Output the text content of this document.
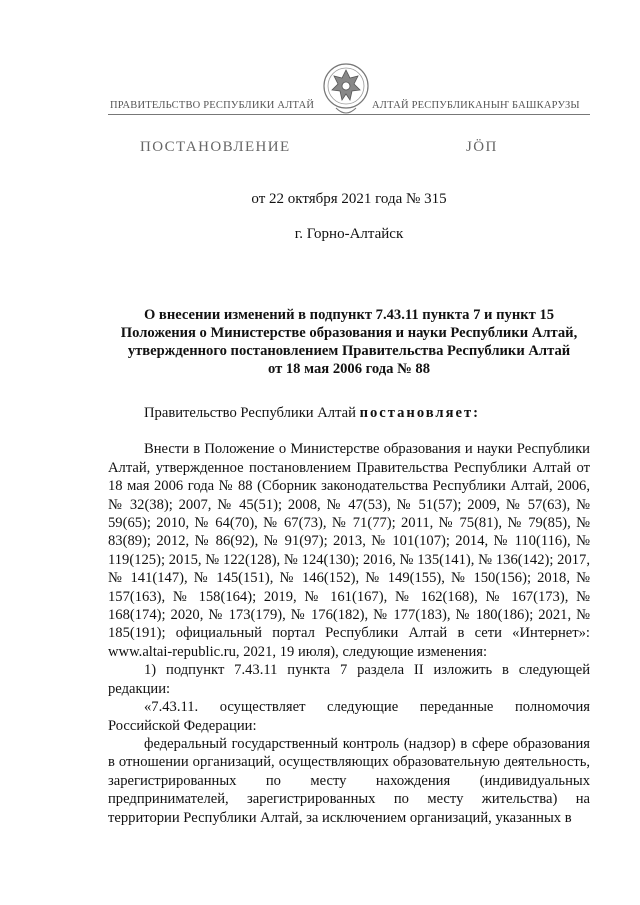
ПРАВИТЕЛЬСТВО РЕСПУБЛИКИ АЛТАЙ	АЛТАЙ РЕСПУБЛИКАНЫҤ БАШКАРУЗЫ
ПОСТАНОВЛЕНИЕ	ЈӦП
от 22 октября 2021 года № 315
г. Горно-Алтайск
О внесении изменений в подпункт 7.43.11 пункта 7 и пункт 15
Положения о Министерстве образования и науки Республики Алтай,
утвержденного постановлением Правительства Республики Алтай
от 18 мая 2006 года № 88

Правительство Республики Алтай постановляет:

Внести в Положение о Министерстве образования и науки Республики Алтай, утвержденное постановлением Правительства Республики Алтай от 18 мая 2006 года № 88 (Сборник законодательства Республики Алтай, 2006, № 32(38); 2007, № 45(51); 2008, № 47(53), № 51(57); 2009, № 57(63), № 59(65); 2010, № 64(70), № 67(73), № 71(77); 2011, № 75(81), № 79(85), № 83(89); 2012, № 86(92), № 91(97); 2013, № 101(107); 2014, № 110(116), № 119(125); 2015, № 122(128), № 124(130); 2016, № 135(141), № 136(142); 2017, № 141(147), № 145(151), № 146(152), № 149(155), № 150(156); 2018, № 157(163), № 158(164); 2019, № 161(167), № 162(168), № 167(173), № 168(174); 2020, № 173(179), № 176(182), № 177(183), № 180(186); 2021, № 185(191); официальный портал Республики Алтай в сети «Интернет»: www.altai-republic.ru, 2021, 19 июля), следующие изменения:

1) подпункт 7.43.11 пункта 7 раздела II изложить в следующей редакции:

«7.43.11. осуществляет следующие переданные полномочия Российской Федерации:

федеральный государственный контроль (надзор) в сфере образования в отношении организаций, осуществляющих образовательную деятельность, зарегистрированных по месту нахождения (индивидуальных предпринимателей, зарегистрированных по месту жительства) на территории Республики Алтай, за исключением организаций, указанных в
